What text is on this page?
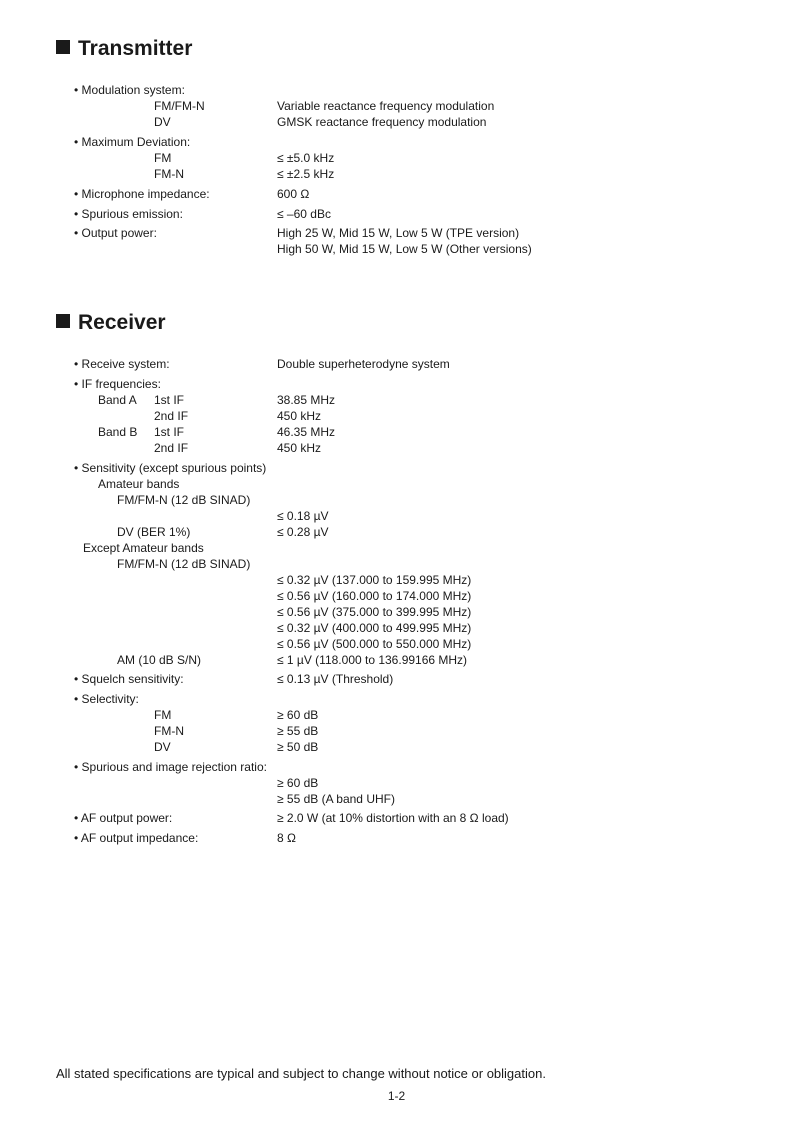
Transmitter
• Modulation system:
FM/FM-N	Variable reactance frequency modulation
DV	GMSK reactance frequency modulation
• Maximum Deviation:
FM	≤ ±5.0 kHz
FM-N	≤ ±2.5 kHz
• Microphone impedance:	600 Ω
• Spurious emission:	≤ –60 dBc
• Output power:	High 25 W, Mid 15 W, Low 5 W (TPE version)
High 50 W, Mid 15 W, Low 5 W (Other versions)
Receiver
• Receive system:	Double superheterodyne system
• IF frequencies:
Band A 1st IF	38.85 MHz
2nd IF	450 kHz
Band B 1st IF	46.35 MHz
2nd IF	450 kHz
• Sensitivity (except spurious points)
Amateur bands
FM/FM-N (12 dB SINAD)
≤ 0.18 µV
DV (BER 1%)	≤ 0.28 µV
Except Amateur bands
FM/FM-N (12 dB SINAD)
≤ 0.32 µV (137.000 to 159.995 MHz)
≤ 0.56 µV (160.000 to 174.000 MHz)
≤ 0.56 µV (375.000 to 399.995 MHz)
≤ 0.32 µV (400.000 to 499.995 MHz)
≤ 0.56 µV (500.000 to 550.000 MHz)
AM (10 dB S/N)	≤ 1 µV (118.000 to 136.99166 MHz)
• Squelch sensitivity:	≤ 0.13 µV (Threshold)
• Selectivity:
FM	≥ 60 dB
FM-N	≥ 55 dB
DV	≥ 50 dB
• Spurious and image rejection ratio:
≥ 60 dB
≥ 55 dB (A band UHF)
• AF output power:	≥ 2.0 W (at 10% distortion with an 8 Ω load)
• AF output impedance:	8 Ω
All stated specifications are typical and subject to change without notice or obligation.
1-2
